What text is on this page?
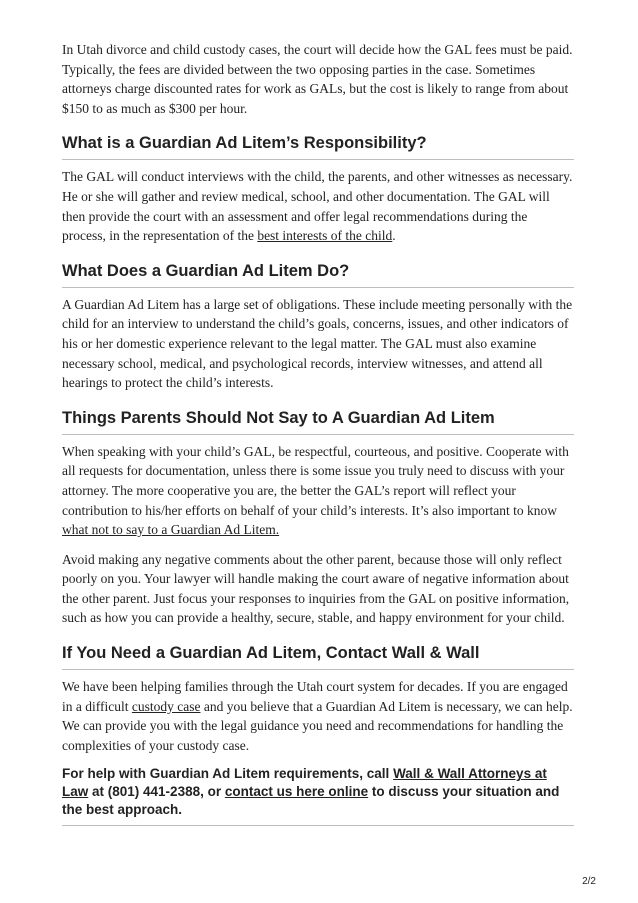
In Utah divorce and child custody cases, the court will decide how the GAL fees must be paid. Typically, the fees are divided between the two opposing parties in the case. Sometimes attorneys charge discounted rates for work as GALs, but the cost is likely to range from about $150 to as much as $300 per hour.

What is a Guardian Ad Litem’s Responsibility?

The GAL will conduct interviews with the child, the parents, and other witnesses as necessary. He or she will gather and review medical, school, and other documentation. The GAL will then provide the court with an assessment and offer legal recommendations during the process, in the representation of the best interests of the child.

What Does a Guardian Ad Litem Do?

A Guardian Ad Litem has a large set of obligations. These include meeting personally with the child for an interview to understand the child’s goals, concerns, issues, and other indicators of his or her domestic experience relevant to the legal matter. The GAL must also examine necessary school, medical, and psychological records, interview witnesses, and attend all hearings to protect the child’s interests.

Things Parents Should Not Say to A Guardian Ad Litem

When speaking with your child’s GAL, be respectful, courteous, and positive. Cooperate with all requests for documentation, unless there is some issue you truly need to discuss with your attorney. The more cooperative you are, the better the GAL’s report will reflect your contribution to his/her efforts on behalf of your child’s interests. It’s also important to know what not to say to a Guardian Ad Litem.

Avoid making any negative comments about the other parent, because those will only reflect poorly on you. Your lawyer will handle making the court aware of negative information about the other parent. Just focus your responses to inquiries from the GAL on positive information, such as how you can provide a healthy, secure, stable, and happy environment for your child.

If You Need a Guardian Ad Litem, Contact Wall & Wall

We have been helping families through the Utah court system for decades. If you are engaged in a difficult custody case and you believe that a Guardian Ad Litem is necessary, we can help. We can provide you with the legal guidance you need and recommendations for handling the complexities of your custody case.

For help with Guardian Ad Litem requirements, call Wall & Wall Attorneys at Law at (801) 441-2388, or contact us here online to discuss your situation and the best approach.

2/2
